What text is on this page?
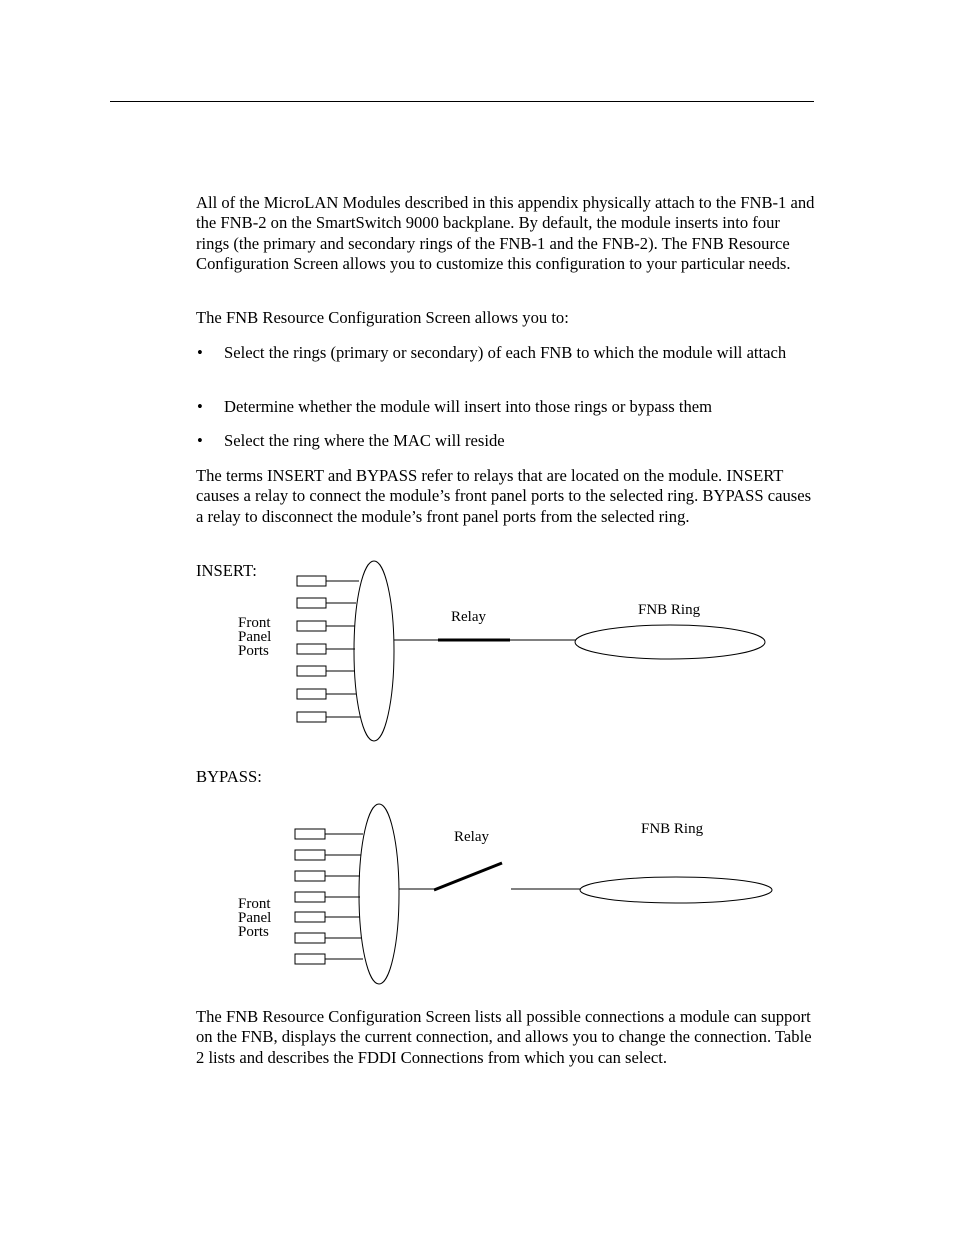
All of the MicroLAN Modules described in this appendix physically attach to the FNB-1 and the FNB-2 on the SmartSwitch 9000 backplane. By default, the module inserts into four rings (the primary and secondary rings of the FNB-1 and the FNB-2). The FNB Resource Configuration Screen allows you to customize this configuration to your particular needs.

The FNB Resource Configuration Screen allows you to:

• Select the rings (primary or secondary) of each FNB to which the module will attach
• Determine whether the module will insert into those rings or bypass them
• Select the ring where the MAC will reside

The terms INSERT and BYPASS refer to relays that are located on the module. INSERT causes a relay to connect the module’s front panel ports to the selected ring. BYPASS causes a relay to disconnect the module’s front panel ports from the selected ring.

INSERT:
BYPASS:
Front
Panel
Ports
Relay	FNB Ring
Front
Panel
Ports
Relay	FNB Ring

The FNB Resource Configuration Screen lists all possible connections a module can support on the FNB, displays the current connection, and allows you to change the connection. Table 2 lists and describes the FDDI Connections from which you can select.
